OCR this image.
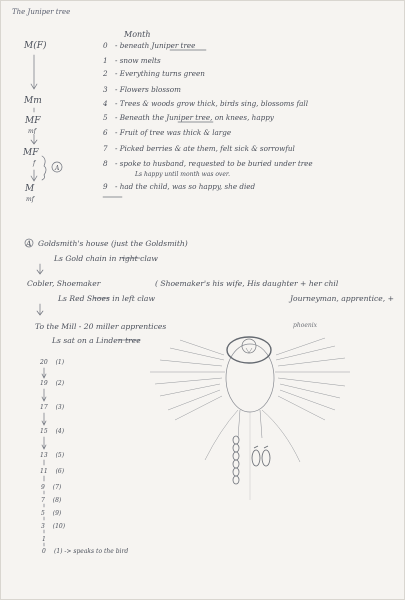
The Juniper tree
M(F)
Mm
MF
mf
MF
f
A
M
mf
Month
0 - beneath Juniper tree
1 - snow melts
2 - Everything turns green
3 - Flowers blossom
4 - Trees & woods grow thick, birds sing, blossoms fall
5 - Beneath the Juniper tree, on knees, happy
6 - Fruit of tree was thick & large
7 - Picked berries & ate them, felt sick & sorrowful
8 - spoke to husband, requested to be buried under tree
Ls happy until month was over.
9 - had the child, was so happy, she died
A Goldsmith's house (just the Goldsmith)
Ls Gold chain in right claw
Cobler, Shoemaker	( Shoemaker's his wife, His daughter + her chil
Journeyman, apprentice, +
Ls Red Shoes in left claw
To the Mill - 20 miller apprentices
Ls sat on a Linden tree
20 (1)
19 (2)
17 (3)
15 (4)
13 (5)
11 (6)
9 (7)
7 (8)
5 (9)
3 (10)
1
0 (1) -> speaks to the bird
phoenix
